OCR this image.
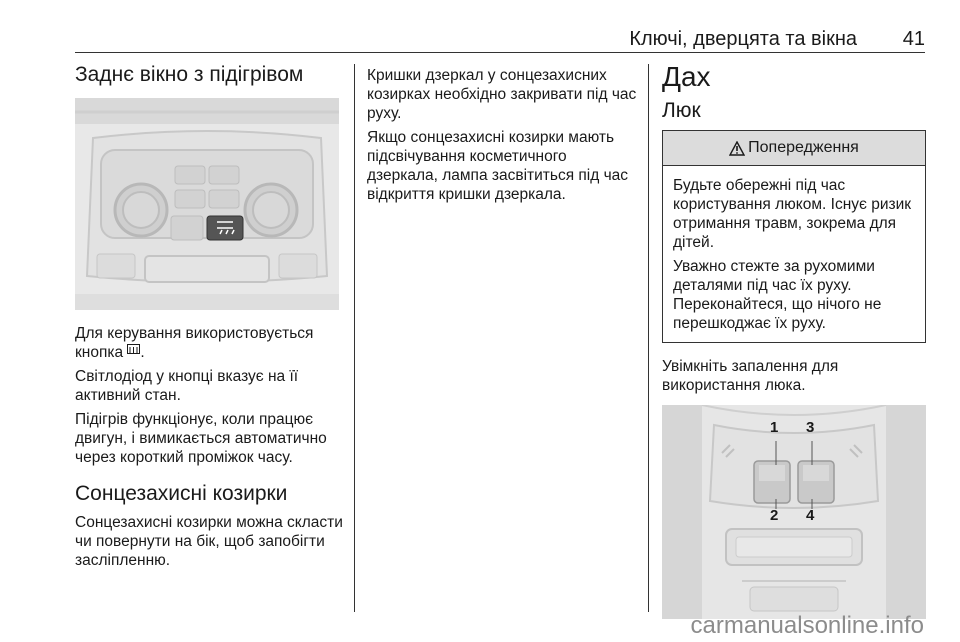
Ключі, дверцята та вікна 41
Заднє вікно з підігрівом

Для керування використовується кнопка .

Світлодіод у кнопці вказує на її активний стан.

Підігрів функціонує, коли працює двигун, і вимикається автоматично через короткий проміжок часу.

Сонцезахисні козирки

Сонцезахисні козирки можна скласти чи повернути на бік, щоб запобігти засліпленню.

Кришки дзеркал у сонцезахисних козирках необхідно закривати під час руху.

Якщо сонцезахисні козирки мають підсвічування косметичного дзеркала, лампа засвітиться під час відкриття кришки дзеркала.

Дах
Люк
Попередження

Будьте обережні під час користування люком. Існує ризик отримання травм, зокрема для дітей.

Уважно стежте за рухомими деталями під час їх руху. Переконайтеся, що нічого не перешкоджає їх руху.

Увімкніть запалення для використання люка.

1 3
2 4
carmanualsonline.info
